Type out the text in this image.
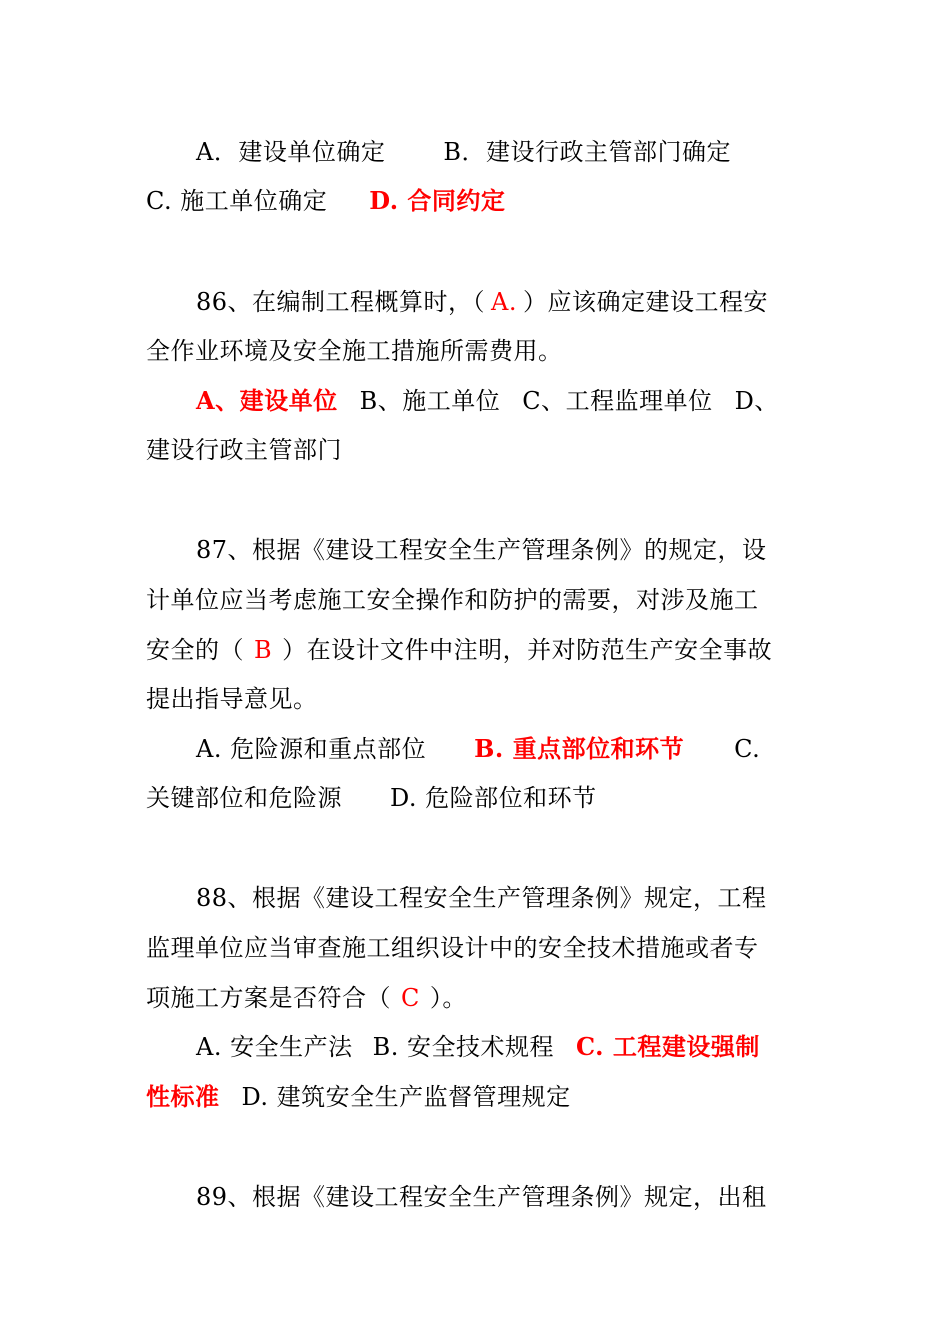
A．建设单位确定 B．建设行政主管部门确定
C. 施工单位确定 D. 合同约定
86、在编制工程概算时，（ A. ）应该确定建设工程安
全作业环境及安全施工措施所需费用。
A、建设单位 B、施工单位 C、工程监理单位 D、
建设行政主管部门
87、根据《建设工程安全生产管理条例》的规定，设
计单位应当考虑施工安全操作和防护的需要，对涉及施工
安全的（ B ）在设计文件中注明，并对防范生产安全事故
提出指导意见。
A. 危险源和重点部位 B. 重点部位和环节 C.
关键部位和危险源 D. 危险部位和环节
88、根据《建设工程安全生产管理条例》规定，工程
监理单位应当审查施工组织设计中的安全技术措施或者专
项施工方案是否符合（ C ）。
A. 安全生产法 B. 安全技术规程 C. 工程建设强制
性标准 D. 建筑安全生产监督管理规定
89、根据《建设工程安全生产管理条例》规定，出租
